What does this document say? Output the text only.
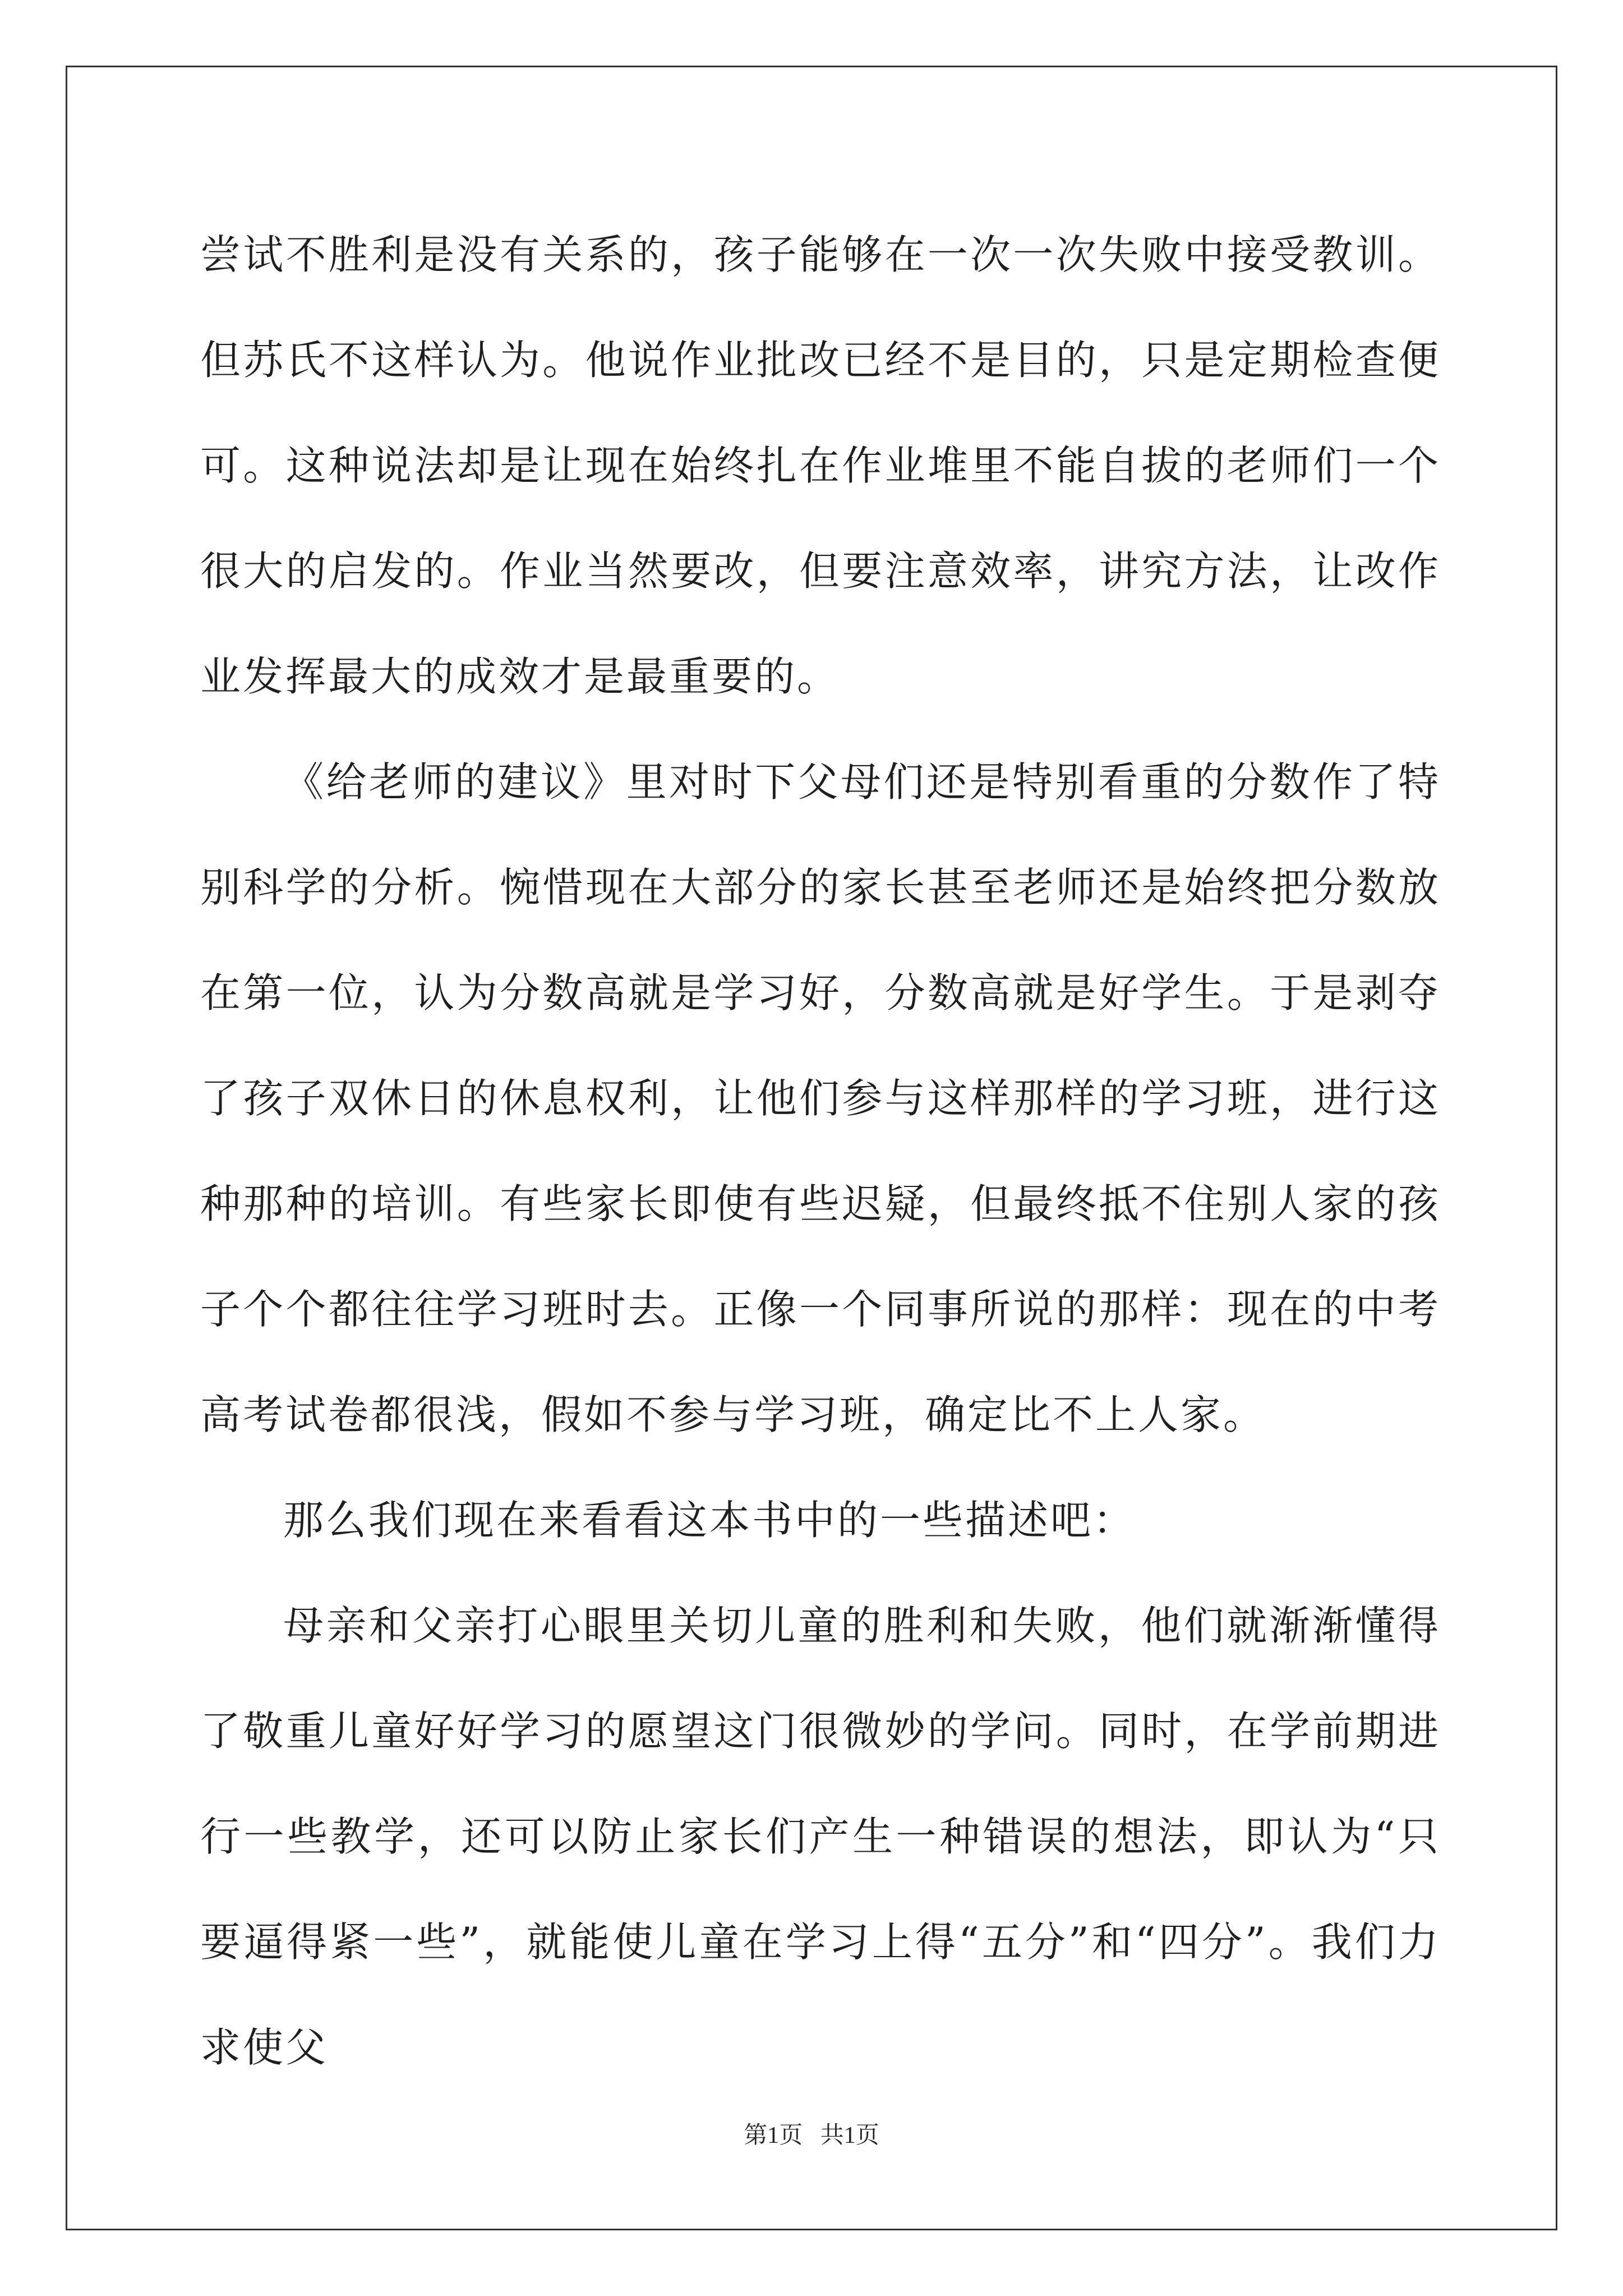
尝试不胜利是没有关系的，孩子能够在一次一次失败中接受教训。但苏氏不这样认为。他说作业批改已经不是目的，只是定期检查便可。这种说法却是让现在始终扎在作业堆里不能自拔的老师们一个很大的启发的。作业当然要改，但要注意效率，讲究方法，让改作业发挥最大的成效才是最重要的。

《给老师的建议》里对时下父母们还是特别看重的分数作了特别科学的分析。惋惜现在大部分的家长甚至老师还是始终把分数放在第一位，认为分数高就是学习好，分数高就是好学生。于是剥夺了孩子双休日的休息权利，让他们参与这样那样的学习班，进行这种那种的培训。有些家长即使有些迟疑，但最终抵不住别人家的孩子个个都往往学习班时去。正像一个同事所说的那样：现在的中考高考试卷都很浅，假如不参与学习班，确定比不上人家。

那么我们现在来看看这本书中的一些描述吧：

母亲和父亲打心眼里关切儿童的胜利和失败，他们就渐渐懂得了敬重儿童好好学习的愿望这门很微妙的学问。同时，在学前期进行一些教学，还可以防止家长们产生一种错误的想法，即认为“只要逼得紧一些”，就能使儿童在学习上得“五分”和“四分”。我们力求使父

第1页   共1页
